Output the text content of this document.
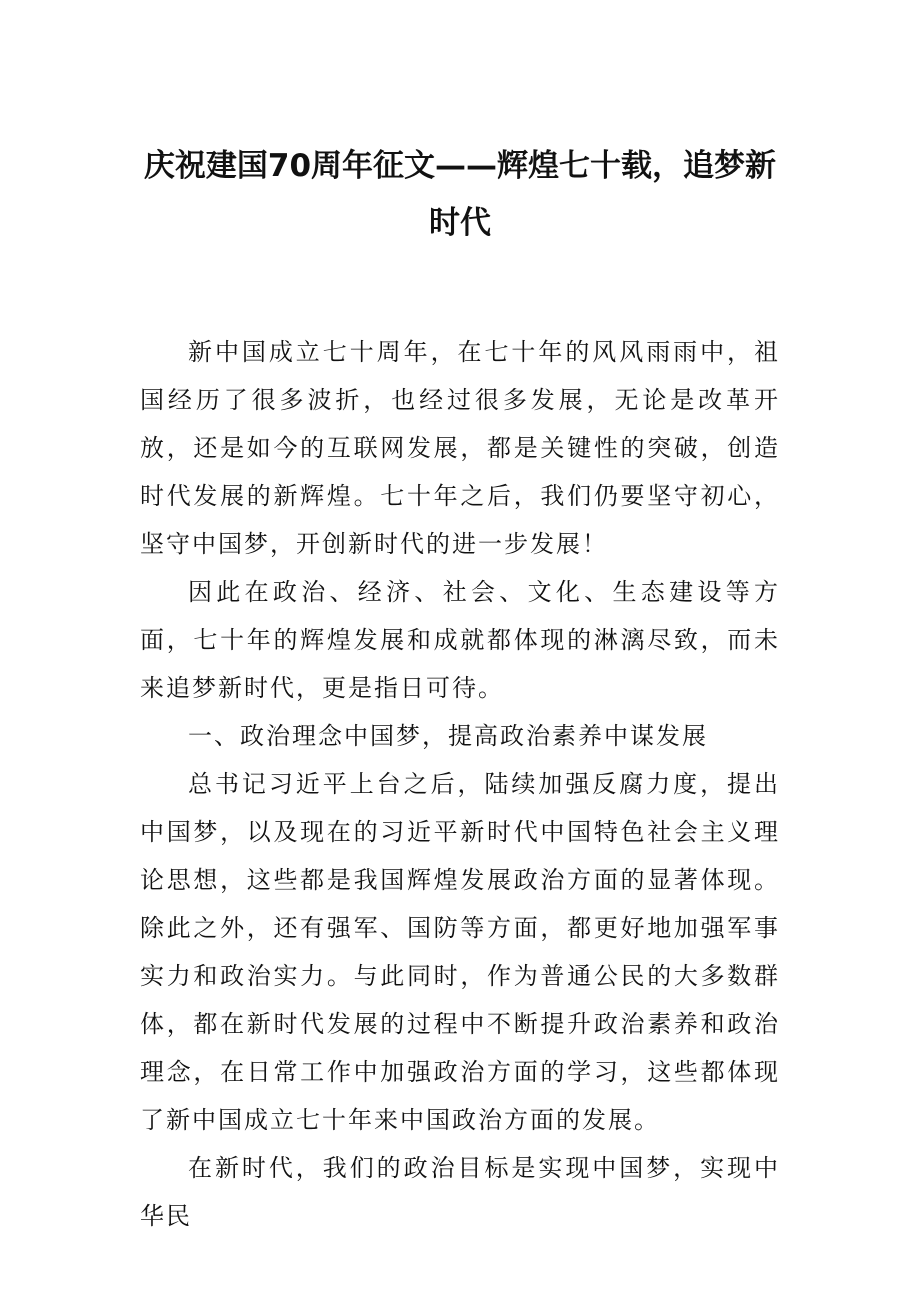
庆祝建国70周年征文——辉煌七十载，追梦新时代

新中国成立七十周年，在七十年的风风雨雨中，祖国经历了很多波折，也经过很多发展，无论是改革开放，还是如今的互联网发展，都是关键性的突破，创造时代发展的新辉煌。七十年之后，我们仍要坚守初心，坚守中国梦，开创新时代的进一步发展！

因此在政治、经济、社会、文化、生态建设等方面，七十年的辉煌发展和成就都体现的淋漓尽致，而未来追梦新时代，更是指日可待。

一、政治理念中国梦，提高政治素养中谋发展

总书记习近平上台之后，陆续加强反腐力度，提出中国梦，以及现在的习近平新时代中国特色社会主义理论思想，这些都是我国辉煌发展政治方面的显著体现。除此之外，还有强军、国防等方面，都更好地加强军事实力和政治实力。与此同时，作为普通公民的大多数群体，都在新时代发展的过程中不断提升政治素养和政治理念，在日常工作中加强政治方面的学习，这些都体现了新中国成立七十年来中国政治方面的发展。

在新时代，我们的政治目标是实现中国梦，实现中华民
